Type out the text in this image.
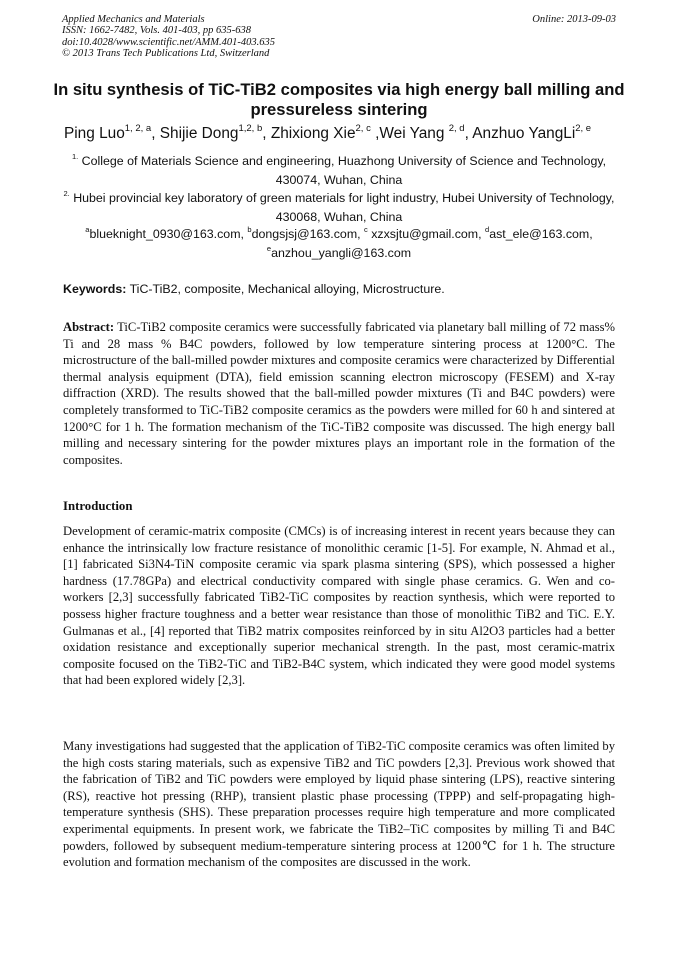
Applied Mechanics and Materials
ISSN: 1662-7482, Vols. 401-403, pp 635-638
doi:10.4028/www.scientific.net/AMM.401-403.635
© 2013 Trans Tech Publications Ltd, Switzerland
Online: 2013-09-03
In situ synthesis of TiC-TiB2 composites via high energy ball milling and pressureless sintering
Ping Luo$^{1, 2, a}$, Shijie Dong$^{1,2, b}$, Zhixiong Xie$^{2, c}$ ,Wei Yang $^{2, d}$, Anzhuo YangLi$^{2, e}$
$^{1.}$ College of Materials Science and engineering, Huazhong University of Science and Technology, 430074, Wuhan, China
$^{2.}$ Hubei provincial key laboratory of green materials for light industry, Hubei University of Technology, 430068, Wuhan, China
$^a$blueknight_0930@163.com, $^b$dongsjsj@163.com, $^c$ xzxsjtu@gmail.com, $^d$ast_ele@163.com,
$^e$anzhou_yangli@163.com
Keywords: TiC-TiB2, composite, Mechanical alloying, Microstructure.
Abstract: TiC-TiB2 composite ceramics were successfully fabricated via planetary ball milling of 72 mass% Ti and 28 mass % B4C powders, followed by low temperature sintering process at 1200°C. The microstructure of the ball-milled powder mixtures and composite ceramics were characterized by Differential thermal analysis equipment (DTA), field emission scanning electron microscopy (FESEM) and X-ray diffraction (XRD). The results showed that the ball-milled powder mixtures (Ti and B4C powders) were completely transformed to TiC-TiB2 composite ceramics as the powders were milled for 60 h and sintered at 1200°C for 1 h. The formation mechanism of the TiC-TiB2 composite was discussed. The high energy ball milling and necessary sintering for the powder mixtures plays an important role in the formation of the composites.
Introduction
Development of ceramic-matrix composite (CMCs) is of increasing interest in recent years because they can enhance the intrinsically low fracture resistance of monolithic ceramic [1-5]. For example, N. Ahmad et al., [1] fabricated Si3N4-TiN composite ceramic via spark plasma sintering (SPS), which possessed a higher hardness (17.78GPa) and electrical conductivity compared with single phase ceramics. G. Wen and co-workers [2,3] successfully fabricated TiB2-TiC composites by reaction synthesis, which were reported to possess higher fracture toughness and a better wear resistance than those of monolithic TiB2 and TiC. E.Y. Gulmanas et al., [4] reported that TiB2 matrix composites reinforced by in situ Al2O3 particles had a better oxidation resistance and exceptionally superior mechanical strength. In the past, most ceramic-matrix composite focused on the TiB2-TiC and TiB2-B4C system, which indicated they were good model systems that had been explored widely [2,3].
Many investigations had suggested that the application of TiB2-TiC composite ceramics was often limited by the high costs staring materials, such as expensive TiB2 and TiC powders [2,3]. Previous work showed that the fabrication of TiB2 and TiC powders were employed by liquid phase sintering (LPS), reactive sintering (RS), reactive hot pressing (RHP), transient plastic phase processing (TPPP) and self-propagating high-temperature synthesis (SHS). These preparation processes require high temperature and more complicated experimental equipments. In present work, we fabricate the TiB2–TiC composites by milling Ti and B4C powders, followed by subsequent medium-temperature sintering process at 1200℃ for 1 h. The structure evolution and formation mechanism of the composites are discussed in the work.
